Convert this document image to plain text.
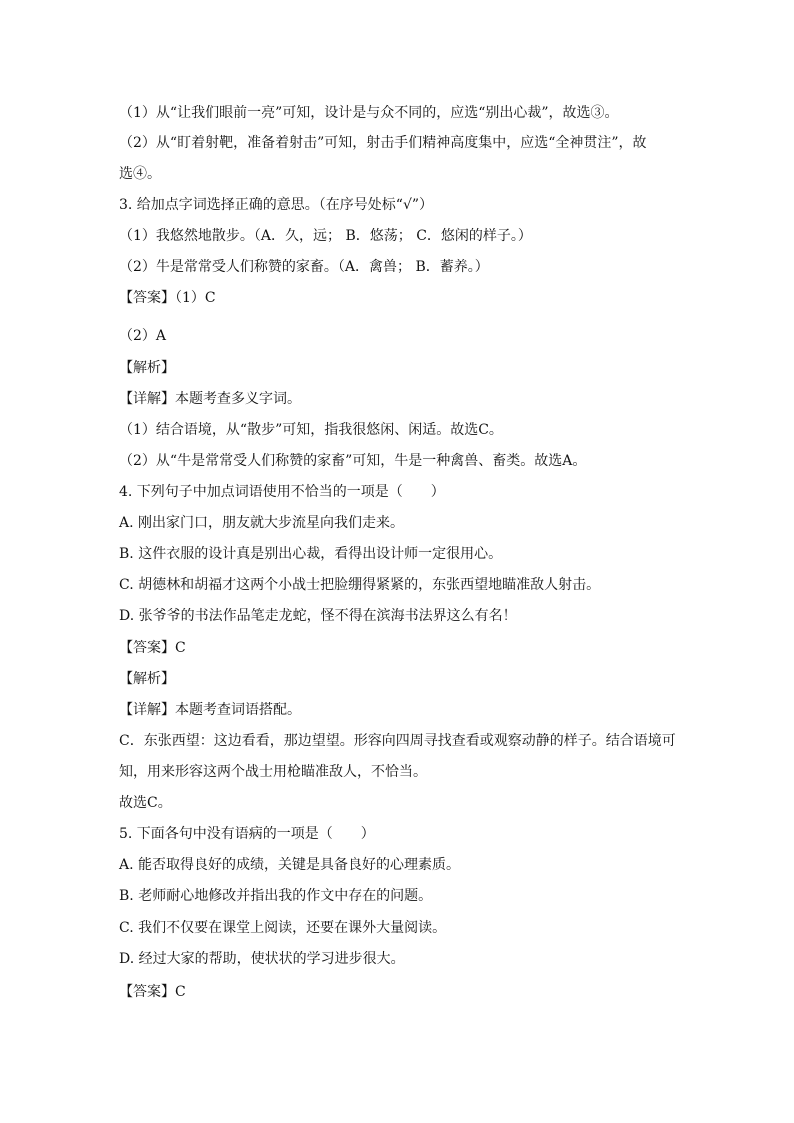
（1）从“让我们眼前一亮”可知，设计是与众不同的，应选“别出心裁”，故选③。
（2）从“盯着射靶，准备着射击”可知，射击手们精神高度集中，应选“全神贯注”，故
选④。
3. 给加点字词选择正确的意思。（在序号处标“√”）
（1）我悠然地散步。（A．久，远； B．悠荡； C．悠闲的样子。）
（2）牛是常常受人们称赞的家畜。（A．禽兽； B．蓄养。）
【答案】（1）C
（2）A
【解析】
【详解】本题考查多义字词。
（1）结合语境，从“散步”可知，指我很悠闲、闲适。故选C。
（2）从“牛是常常受人们称赞的家畜”可知，牛是一种禽兽、畜类。故选A。
4. 下列句子中加点词语使用不恰当的一项是（　　）
A. 刚出家门口，朋友就大步流星向我们走来。
B. 这件衣服的设计真是别出心裁，看得出设计师一定很用心。
C. 胡德林和胡福才这两个小战士把脸绷得紧紧的，东张西望地瞄准敌人射击。
D. 张爷爷的书法作品笔走龙蛇，怪不得在滨海书法界这么有名！
【答案】C
【解析】
【详解】本题考查词语搭配。
C．东张西望：这边看看，那边望望。形容向四周寻找查看或观察动静的样子。结合语境可
知，用来形容这两个战士用枪瞄准敌人，不恰当。
故选C。
5. 下面各句中没有语病的一项是（　　）
A. 能否取得良好的成绩，关键是具备良好的心理素质。
B. 老师耐心地修改并指出我的作文中存在的问题。
C. 我们不仅要在课堂上阅读，还要在课外大量阅读。
D. 经过大家的帮助，使状状的学习进步很大。
【答案】C
